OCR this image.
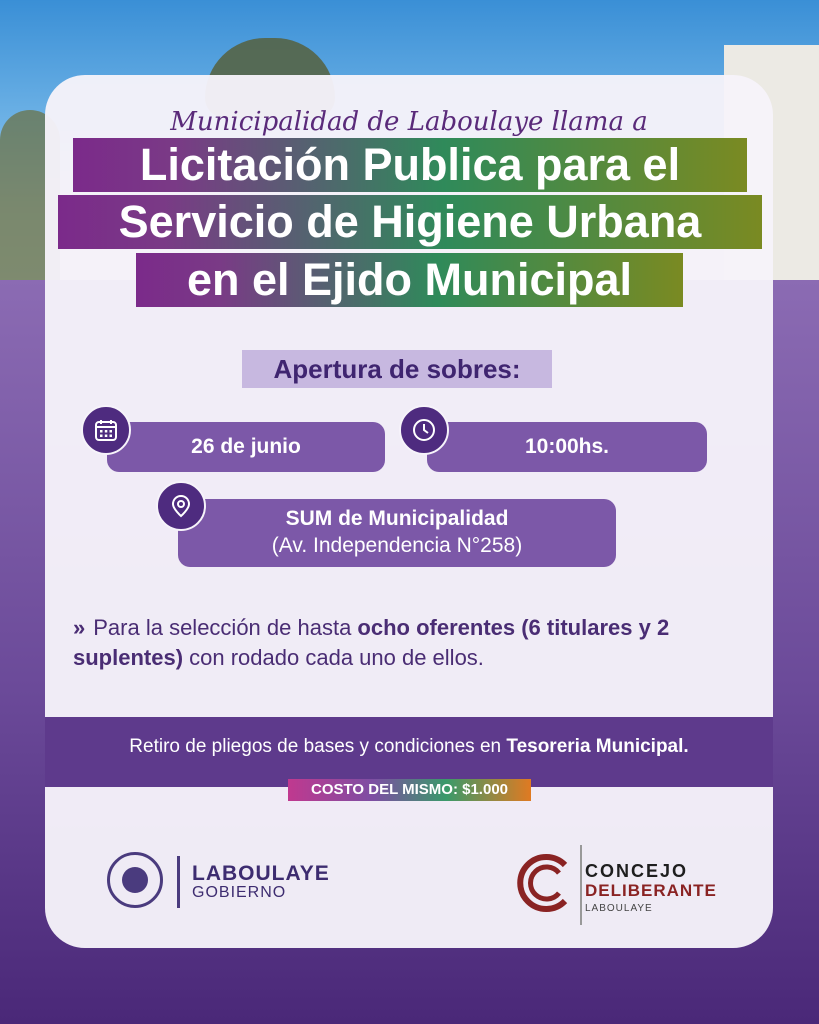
Municipalidad de Laboulaye llama a
Licitación Publica para el
Servicio de Higiene Urbana
en el Ejido Municipal
Apertura de sobres:
26 de junio	10:00hs.
SUM de Municipalidad
(Av. Independencia N°258)
» Para la selección de hasta ocho oferentes (6 titulares y 2 suplentes) con rodado cada uno de ellos.
Retiro de pliegos de bases y condiciones en Tesoreria Municipal.
COSTO DEL MISMO: $1.000
LABOULAYE
GOBIERNO
CONCEJO
DELIBERANTE
LABOULAYE
